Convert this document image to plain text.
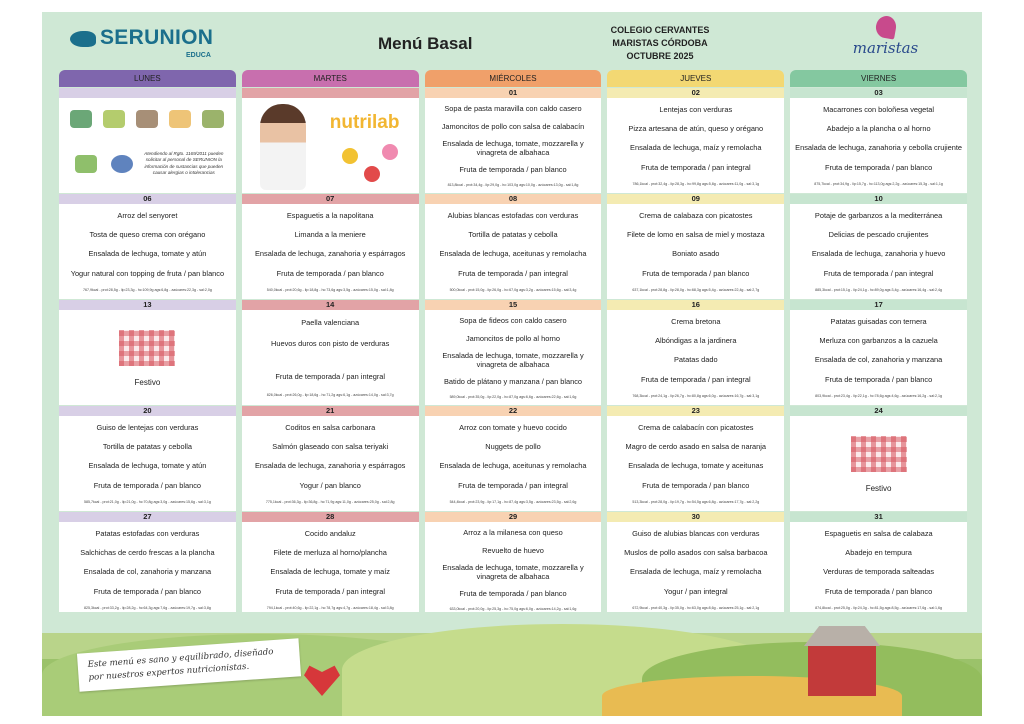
SERUNION
EDUCA
Menú Basal
COLEGIO CERVANTES
MARISTAS CÓRDOBA
OCTUBRE 2025	maristas
LUNES	MARTES	MIÉRCOLES	JUEVES	VIERNES
Atendiendo al Rgto. 1169/2011 pueden solicitar al personal de SERUNION la información de sustancias que pueden causar alergias o intolerancias
nutrilab
01
Sopa de pasta maravilla con caldo casero
Jamoncitos de pollo con salsa de calabacín
Ensalada de lechuga, tomate, mozzarella y vinagreta de albahaca
Fruta de temporada / pan blanco
813,8kcal - prot:34,4g - lip:29,0g - hc:103,0g ags:10,0g - azúcares:13,0g - sal:1,8g
02
Lentejas con verduras
Pizza artesana de atún, queso y orégano
Ensalada de lechuga, maíz y remolacha
Fruta de temporada / pan integral
786,1kcal - prot:32,4g - lip:28,3g - hc:99,8g ags:5,8g - azúcares:11,0g - sal:3,1g
03
Macarrones con boloñesa vegetal
Abadejo a la plancha o al horno
Ensalada de lechuga, zanahoria y cebolla crujiente
Fruta de temporada / pan blanco
875,7kcal - prot:34,9g - lip:15,7g - hc:113,0g ags:2,2g - azúcares:15,3g - sal:1,1g
06
Arroz del senyoret
Tosta de queso crema con orégano
Ensalada de lechuga, tomate y atún
Yogur natural con topping de fruta / pan blanco
767,9kcal - prot:28,5g - lip:23,3g - hc:109,9g ags:6,8g - azúcares:22,3g - sal:2,0g
07
Espaguetis a la napolitana
Limanda a la meniere
Ensalada de lechuga, zanahoria y espárragos
Fruta de temporada / pan blanco
540,0kcal - prot:20,6g - lip:18,8g - hc:73,6g ags:3,5g - azúcares:15,0g - sal:1,8g
08
Alubias blancas estofadas con verduras
Tortilla de patatas y cebolla
Ensalada de lechuga, aceitunas y remolacha
Fruta de temporada / pan integral
500,0kcal - prot:15,0g - lip:26,0g - hc:67,0g ags:3,2g - azúcares:15,6g - sal:3,4g
09
Crema de calabaza con picatostes
Filete de lomo en salsa de miel y mostaza
Boniato asado
Fruta de temporada / pan blanco
637,1kcal - prot:28,8g - lip:28,0g - hc:68,3g ags:5,4g - azúcares:22,4g - sal:2,7g
10
Potaje de garbanzos a la mediterránea
Delicias de pescado crujientes
Ensalada de lechuga, zanahoria y huevo
Fruta de temporada / pan integral
885,3kcal - prot:15,1g - lip:24,1g - hc:89,0g ags:3,4g - azúcares:16,4g - sal:2,4g
13
Festivo
14
Paella valenciana
Huevos duros con pisto de verduras
Fruta de temporada / pan integral
826,0kcal - prot:26,0g - lip:18,6g - hc:71,2g ags:6,1g - azúcares:14,0g - sal:3,7g
15
Sopa de fideos con caldo casero
Jamoncitos de pollo al horno
Ensalada de lechuga, tomate, mozzarella y vinagreta de albahaca
Batido de plátano y manzana / pan blanco
589,0kcal - prot:35,0g - lip:22,0g - hc:87,0g ags:6,6g - azúcares:22,6g - sal:1,6g
16
Crema bretona
Albóndigas a la jardinera
Patatas dado
Fruta de temporada / pan integral
768,3kcal - prot:24,1g - lip:26,7g - hc:80,8g ags:6,0g - azúcares:16,7g - sal:3,1g
17
Patatas guisadas con ternera
Merluza con garbanzos a la cazuela
Ensalada de col, zanahoria y manzana
Fruta de temporada / pan blanco
803,9kcal - prot:23,4g - lip:22,1g - hc:78,6g ags:4,6g - azúcares:16,2g - sal:2,1g
20
Guiso de lentejas con verduras
Tortilla de patatas y cebolla
Ensalada de lechuga, tomate y atún
Fruta de temporada / pan blanco
585,7kcal - prot:21,0g - lip:21,0g - hc:70,8g ags:3,0g - azúcares:15,6g - sal:3,1g
21
Coditos en salsa carbonara
Salmón glaseado con salsa teriyaki
Ensalada de lechuga, zanahoria y espárragos
Yogur / pan blanco
775,1kcal - prot:36,3g - lip:36,8g - hc:71,9g ags:11,0g - azúcares:25,0g - sal:2,8g
22
Arroz con tomate y huevo cocido
Nuggets de pollo
Ensalada de lechuga, aceitunas y remolacha
Fruta de temporada / pan integral
544,4kcal - prot:23,9g - lip:17,1g - hc:87,4g ags:3,5g - azúcares:23,5g - sal:2,6g
23
Crema de calabacín con picatostes
Magro de cerdo asado en salsa de naranja
Ensalada de lechuga, tomate y aceitunas
Fruta de temporada / pan blanco
513,3kcal - prot:28,0g - lip:19,7g - hc:54,5g ags:6,8g - azúcares:17,7g - sal:2,2g
24
Festivo
27
Patatas estofadas con verduras
Salchichas de cerdo frescas a la plancha
Ensalada de col, zanahoria y manzana
Fruta de temporada / pan blanco
825,3kcal - prot:33,2g - lip:28,2g - hc:64,3g ags:7,6g - azúcares:19,7g - sal:3,8g
28
Cocido andaluz
Filete de merluza al horno/plancha
Ensalada de lechuga, tomate y maíz
Fruta de temporada / pan integral
794,1kcal - prot:40,6g - lip:22,1g - hc:78,7g ags:4,7g - azúcares:18,4g - sal:3,8g
29
Arroz a la milanesa con queso
Revuelto de huevo
Ensalada de lechuga, tomate, mozzarella y vinagreta de albahaca
Fruta de temporada / pan blanco
633,0kcal - prot:20,0g - lip:25,3g - hc:75,0g ags:6,0g - azúcares:14,2g - sal:1,6g
30
Guiso de alubias blancas con verduras
Muslos de pollo asados con salsa barbacoa
Ensalada de lechuga, maíz y remolacha
Yogur / pan integral
672,9kcal - prot:40,3g - lip:35,0g - hc:63,0g ags:8,6g - azúcares:25,1g - sal:2,1g
31
Espaguetis en salsa de calabaza
Abadejo en tempura
Verduras de temporada salteadas
Fruta de temporada / pan blanco
874,8kcal - prot:25,0g - lip:24,3g - hc:81,5g ags:8,5g - azúcares:17,6g - sal:1,6g
Este menú es sano y equilibrado, diseñado por nuestros expertos nutricionistas.
